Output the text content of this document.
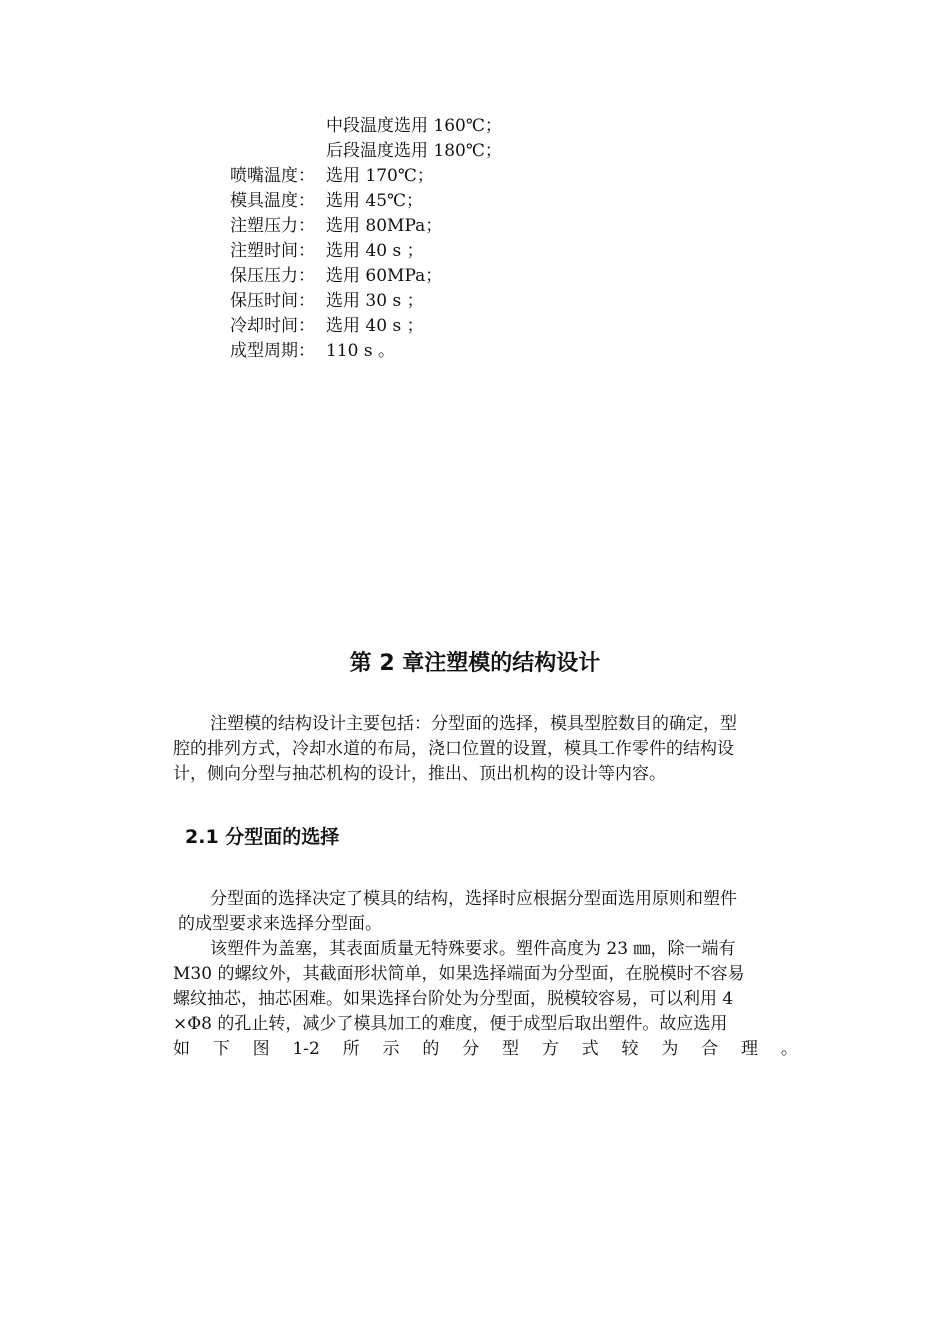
中段温度选用 160℃；
后段温度选用 180℃；
喷嘴温度： 选用 170℃；
模具温度： 选用 45℃；
注塑压力： 选用 80MPa；
注塑时间： 选用 40 s ；
保压压力： 选用 60MPa；
保压时间： 选用 30 s ；
冷却时间： 选用 40 s ；
成型周期： 110 s 。
第 2 章注塑模的结构设计
注塑模的结构设计主要包括：分型面的选择，模具型腔数目的确定，型
腔的排列方式，冷却水道的布局，浇口位置的设置，模具工作零件的结构设
计，侧向分型与抽芯机构的设计，推出、顶出机构的设计等内容。
2.1 分型面的选择
分型面的选择决定了模具的结构，选择时应根据分型面选用原则和塑件
的成型要求来选择分型面。
该塑件为盖塞，其表面质量无特殊要求。塑件高度为 23 ㎜，除一端有
M30 的螺纹外，其截面形状简单，如果选择端面为分型面，在脱模时不容易
螺纹抽芯，抽芯困难。如果选择台阶处为分型面，脱模较容易，可以利用 4
×Φ8 的孔止转，减少了模具加工的难度，便于成型后取出塑件。故应选用
如 下 图 1-2 所 示 的 分 型 方 式 较 为 合 理 。
